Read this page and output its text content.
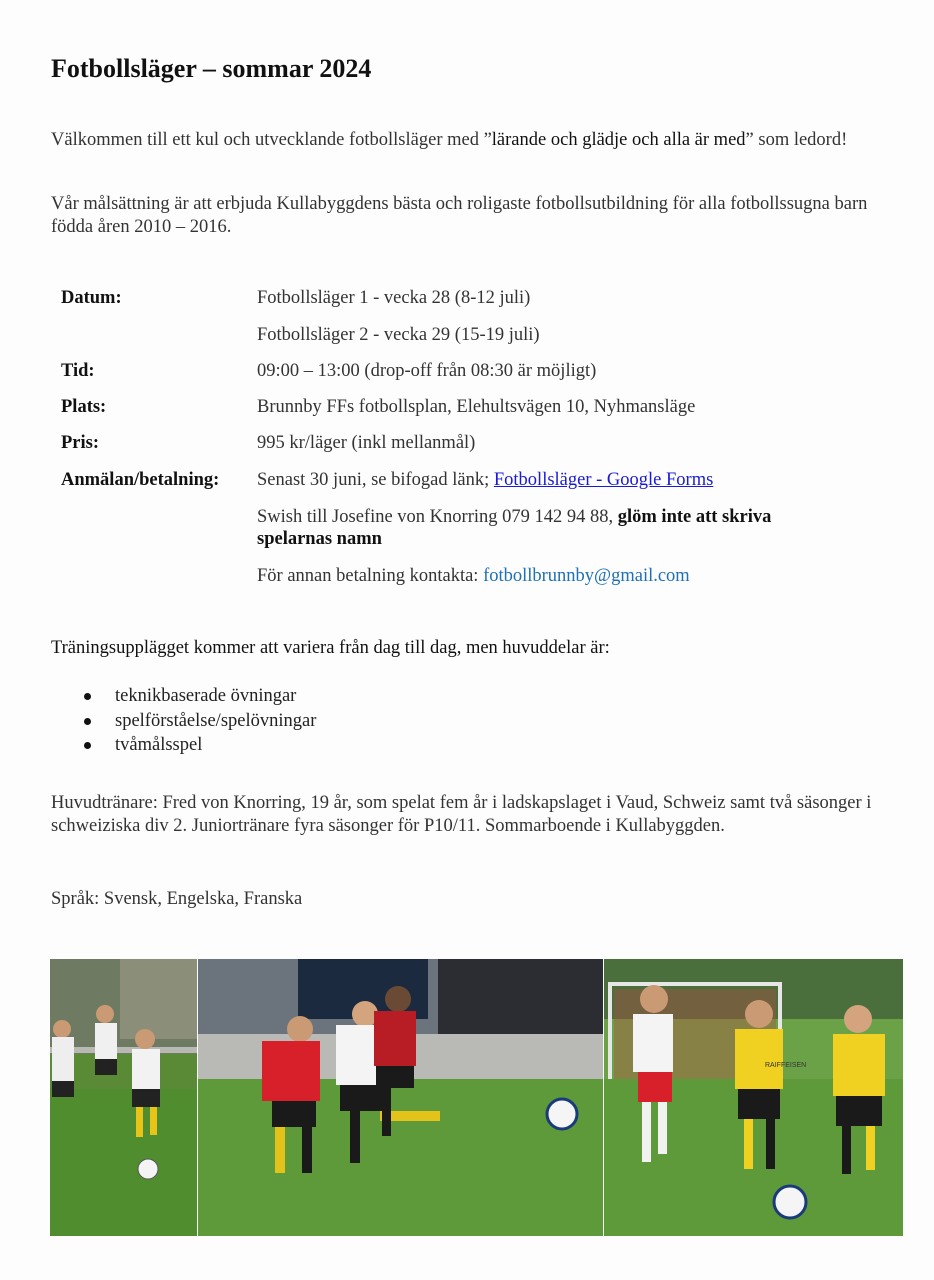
Fotbollsläger – sommar 2024

Välkommen till ett kul och utvecklande fotbollsläger med ”lärande och glädje och alla är med” som ledord!

Vår målsättning är att erbjuda Kullabyggdens bästa och roligaste fotbollsutbildning för alla fotbollssugna barn födda åren 2010 – 2016.

Datum:	Fotbollsläger 1 - vecka 28 (8-12 juli)
Fotbollsläger 2 - vecka 29 (15-19 juli)
Tid:	09:00 – 13:00 (drop-off från 08:30 är möjligt)
Plats:	Brunnby FFs fotbollsplan, Elehultsvägen 10, Nyhmansläge
Pris:	995 kr/läger (inkl mellanmål)
Anmälan/betalning: Senast 30 juni, se bifogad länk; Fotbollsläger - Google Forms
Swish till Josefine von Knorring 079 142 94 88, glöm inte att skriva spelarnas namn
För annan betalning kontakta: fotbollbrunnby@gmail.com

Träningsupplägget kommer att variera från dag till dag, men huvuddelar är:

teknikbaserade övningar
spelförståelse/spelövningar
tvåmålsspel

Huvudtränare: Fred von Knorring, 19 år, som spelat fem år i ladskapslaget i Vaud, Schweiz samt två säsonger i schweiziska div 2. Juniortränare fyra säsonger för P10/11. Sommarboende i Kullabyggden.

Språk: Svensk, Engelska, Franska

RAIFFEISEN
